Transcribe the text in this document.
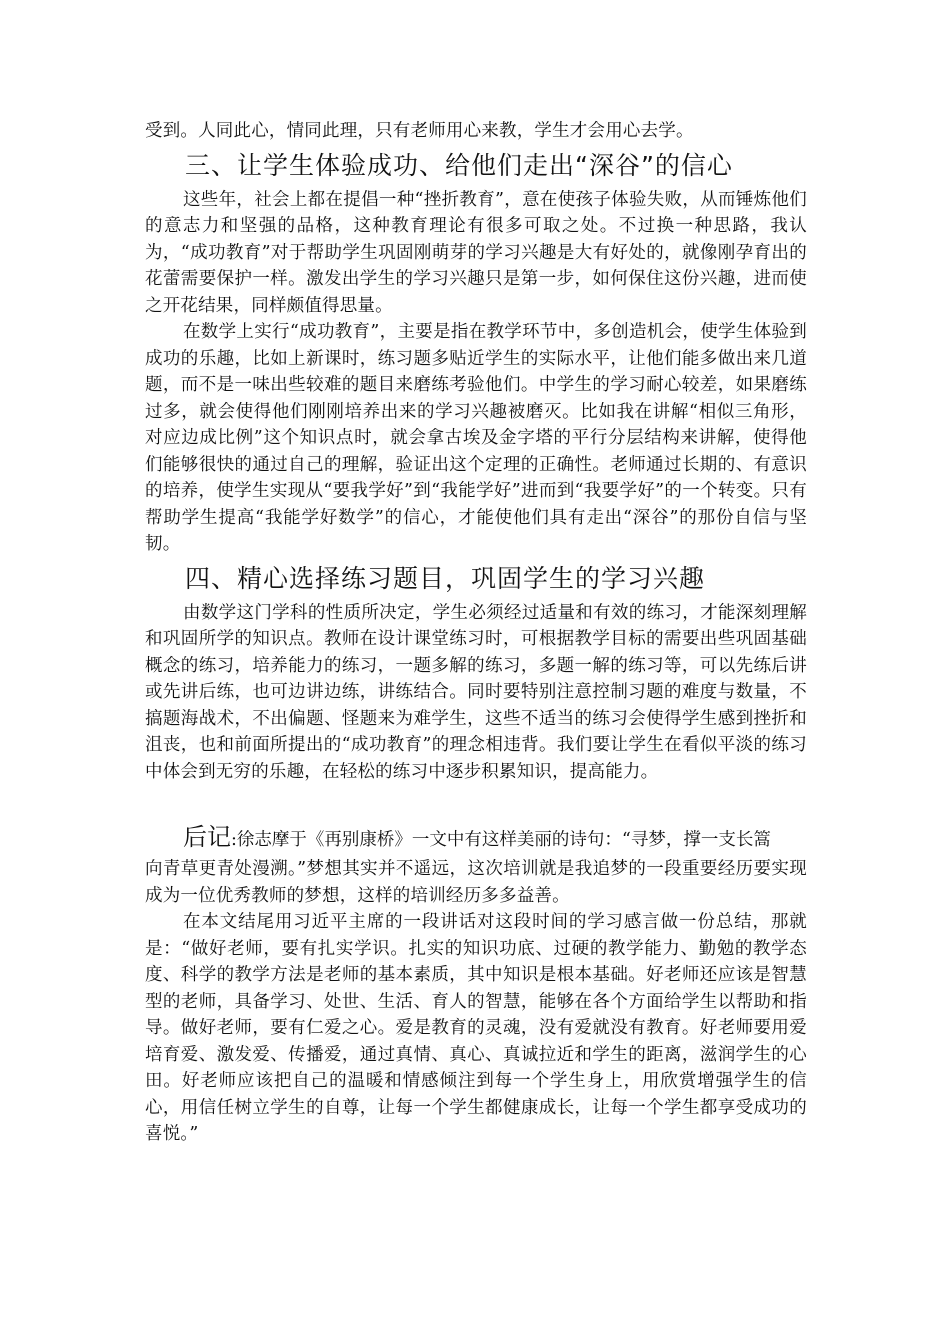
受到。人同此心，情同此理，只有老师用心来教，学生才会用心去学。

三、让学生体验成功、给他们走出“深谷”的信心

这些年，社会上都在提倡一种“挫折教育”，意在使孩子体验失败，从而锤炼他们的意志力和坚强的品格，这种教育理论有很多可取之处。不过换一种思路，我认为，“成功教育”对于帮助学生巩固刚萌芽的学习兴趣是大有好处的，就像刚孕育出的花蕾需要保护一样。激发出学生的学习兴趣只是第一步，如何保住这份兴趣，进而使之开花结果，同样颇值得思量。

在数学上实行“成功教育”，主要是指在教学环节中，多创造机会，使学生体验到成功的乐趣，比如上新课时，练习题多贴近学生的实际水平，让他们能多做出来几道题，而不是一味出些较难的题目来磨练考验他们。中学生的学习耐心较差，如果磨练过多，就会使得他们刚刚培养出来的学习兴趣被磨灭。比如我在讲解“相似三角形，对应边成比例”这个知识点时，就会拿古埃及金字塔的平行分层结构来讲解，使得他们能够很快的通过自己的理解，验证出这个定理的正确性。老师通过长期的、有意识的培养，使学生实现从“要我学好”到“我能学好”进而到“我要学好”的一个转变。只有帮助学生提高“我能学好数学”的信心，才能使他们具有走出“深谷”的那份自信与坚韧。

四、精心选择练习题目，巩固学生的学习兴趣

由数学这门学科的性质所决定，学生必须经过适量和有效的练习，才能深刻理解和巩固所学的知识点。教师在设计课堂练习时，可根据教学目标的需要出些巩固基础概念的练习，培养能力的练习，一题多解的练习，多题一解的练习等，可以先练后讲或先讲后练，也可边讲边练，讲练结合。同时要特别注意控制习题的难度与数量，不搞题海战术，不出偏题、怪题来为难学生，这些不适当的练习会使得学生感到挫折和沮丧，也和前面所提出的“成功教育”的理念相违背。我们要让学生在看似平淡的练习中体会到无穷的乐趣，在轻松的练习中逐步积累知识，提高能力。

后记:徐志摩于《再别康桥》一文中有这样美丽的诗句：“寻梦，撑一支长篙

向青草更青处漫溯。”梦想其实并不遥远，这次培训就是我追梦的一段重要经历要实现成为一位优秀教师的梦想，这样的培训经历多多益善。

在本文结尾用习近平主席的一段讲话对这段时间的学习感言做一份总结，那就是：“做好老师，要有扎实学识。扎实的知识功底、过硬的教学能力、勤勉的教学态度、科学的教学方法是老师的基本素质，其中知识是根本基础。好老师还应该是智慧型的老师，具备学习、处世、生活、育人的智慧，能够在各个方面给学生以帮助和指导。做好老师，要有仁爱之心。爱是教育的灵魂，没有爱就没有教育。好老师要用爱培育爱、激发爱、传播爱，通过真情、真心、真诚拉近和学生的距离，滋润学生的心田。好老师应该把自己的温暖和情感倾注到每一个学生身上，用欣赏增强学生的信心，用信任树立学生的自尊，让每一个学生都健康成长，让每一个学生都享受成功的喜悦。”
